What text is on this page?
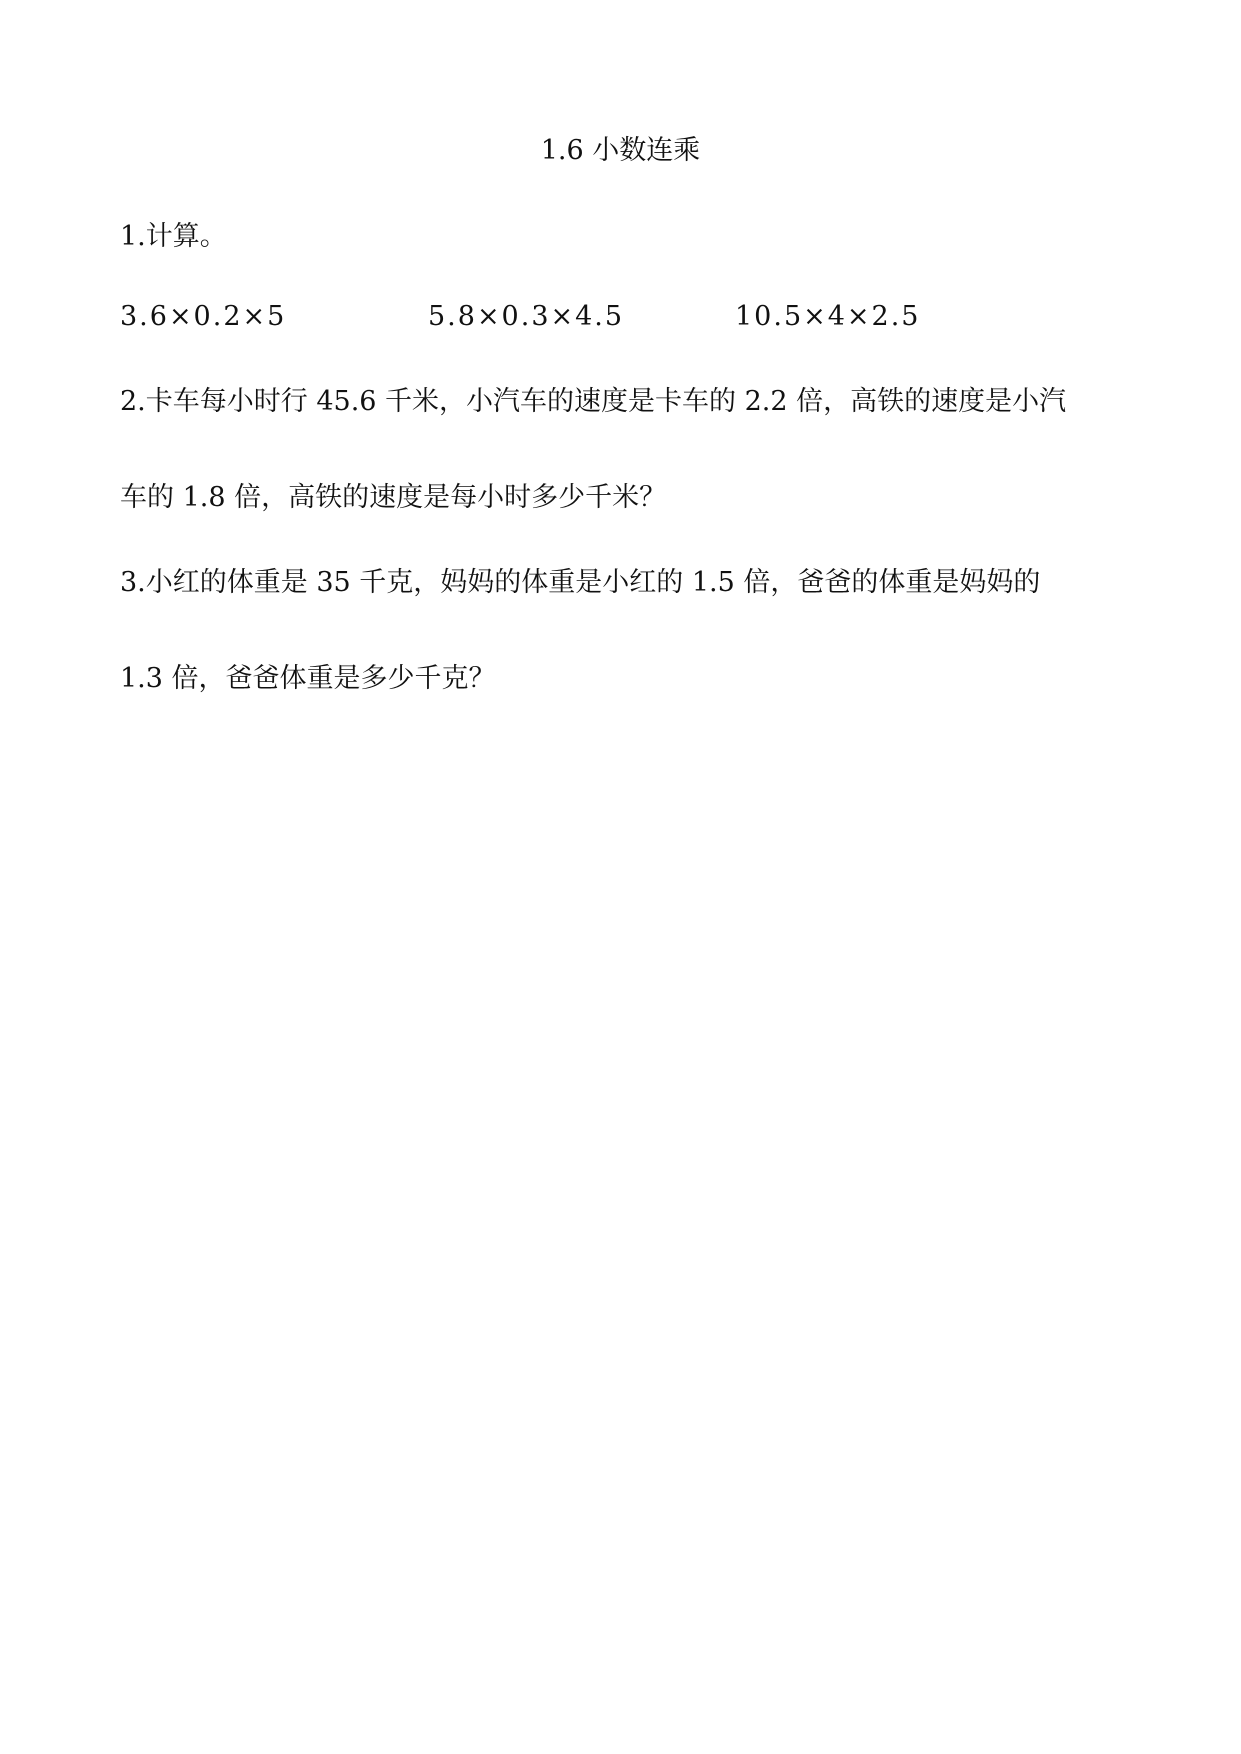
1.6 小数连乘
1.计算。
3.6×0.2×5	5.8×0.3×4.5	10.5×4×2.5
2.卡车每小时行 45.6 千米，小汽车的速度是卡车的 2.2 倍，高铁的速度是小汽
车的 1.8 倍，高铁的速度是每小时多少千米？
3.小红的体重是 35 千克，妈妈的体重是小红的 1.5 倍，爸爸的体重是妈妈的
1.3 倍，爸爸体重是多少千克？
